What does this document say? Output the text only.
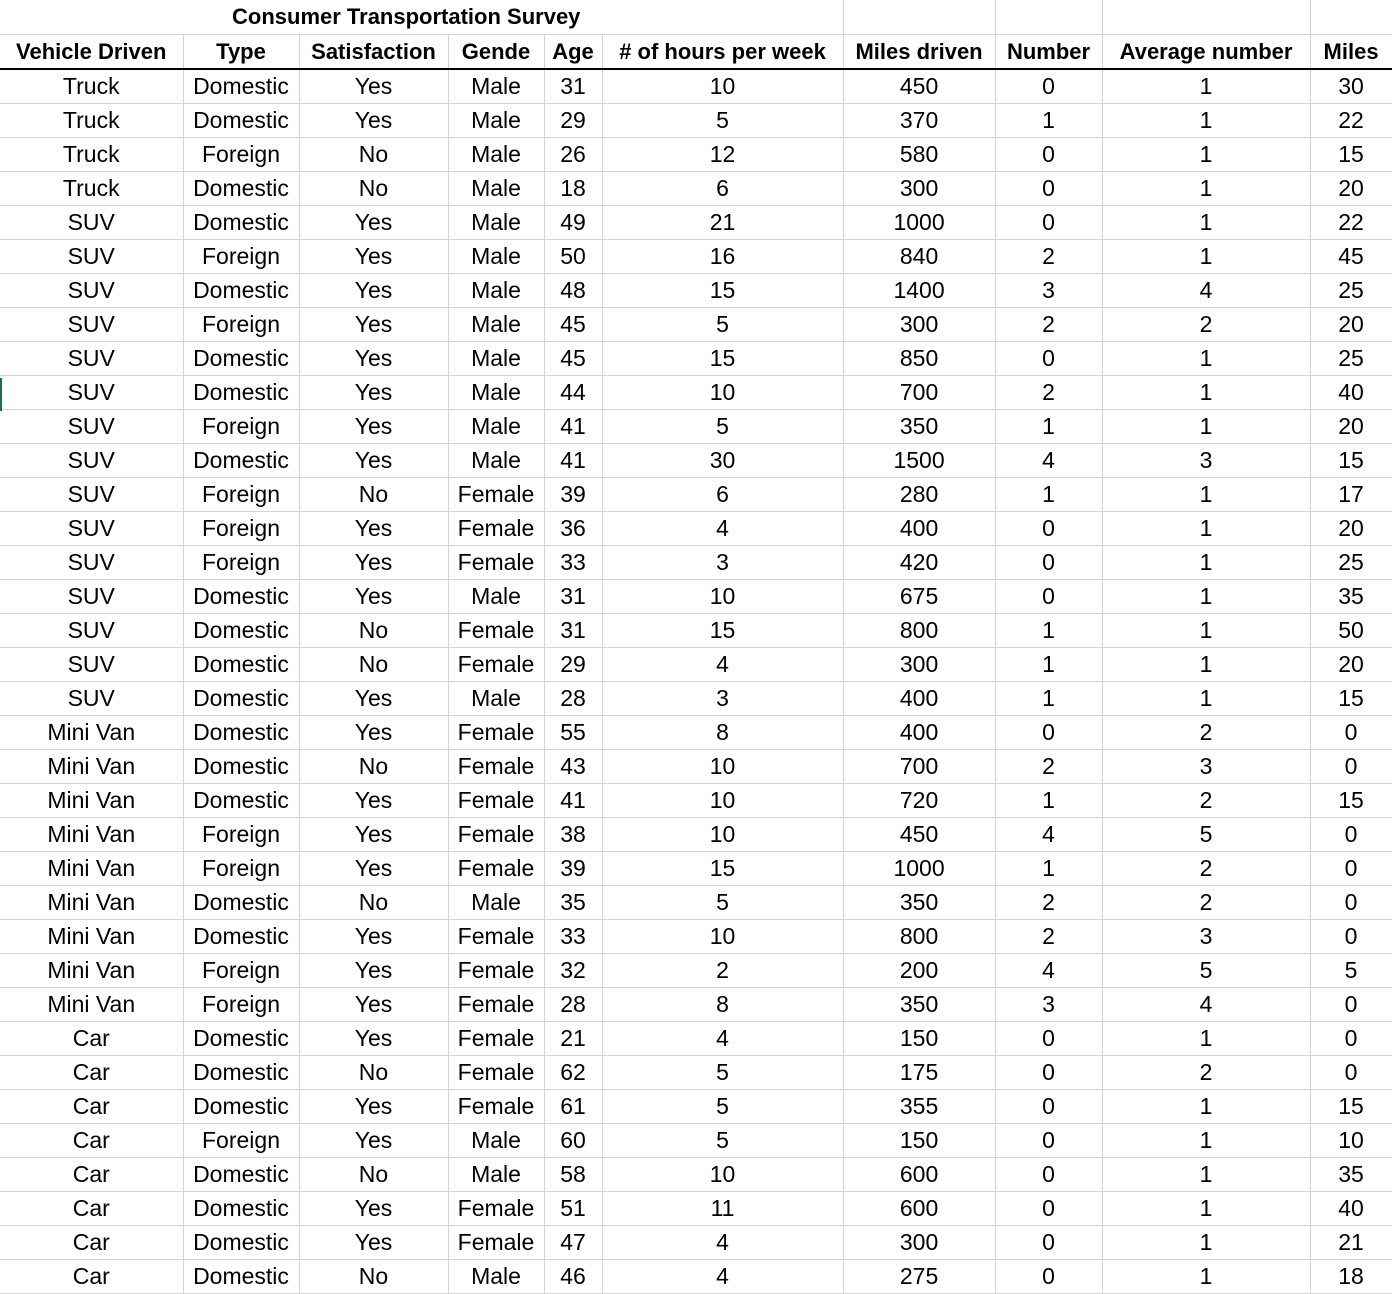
Consumer Transportation Survey									
Vehicle Driven	Type	Satisfaction	Gende	Age	# of hours per week	Miles driven	Number	Average number	Miles
Truck	Domestic	Yes	Male	31	10	450	0	1	30
Truck	Domestic	Yes	Male	29	5	370	1	1	22
Truck	Foreign	No	Male	26	12	580	0	1	15
Truck	Domestic	No	Male	18	6	300	0	1	20
SUV	Domestic	Yes	Male	49	21	1000	0	1	22
SUV	Foreign	Yes	Male	50	16	840	2	1	45
SUV	Domestic	Yes	Male	48	15	1400	3	4	25
SUV	Foreign	Yes	Male	45	5	300	2	2	20
SUV	Domestic	Yes	Male	45	15	850	0	1	25
SUV	Domestic	Yes	Male	44	10	700	2	1	40
SUV	Foreign	Yes	Male	41	5	350	1	1	20
SUV	Domestic	Yes	Male	41	30	1500	4	3	15
SUV	Foreign	No	Female	39	6	280	1	1	17
SUV	Foreign	Yes	Female	36	4	400	0	1	20
SUV	Foreign	Yes	Female	33	3	420	0	1	25
SUV	Domestic	Yes	Male	31	10	675	0	1	35
SUV	Domestic	No	Female	31	15	800	1	1	50
SUV	Domestic	No	Female	29	4	300	1	1	20
SUV	Domestic	Yes	Male	28	3	400	1	1	15
Mini Van	Domestic	Yes	Female	55	8	400	0	2	0
Mini Van	Domestic	No	Female	43	10	700	2	3	0
Mini Van	Domestic	Yes	Female	41	10	720	1	2	15
Mini Van	Foreign	Yes	Female	38	10	450	4	5	0
Mini Van	Foreign	Yes	Female	39	15	1000	1	2	0
Mini Van	Domestic	No	Male	35	5	350	2	2	0
Mini Van	Domestic	Yes	Female	33	10	800	2	3	0
Mini Van	Foreign	Yes	Female	32	2	200	4	5	5
Mini Van	Foreign	Yes	Female	28	8	350	3	4	0
Car	Domestic	Yes	Female	21	4	150	0	1	0
Car	Domestic	No	Female	62	5	175	0	2	0
Car	Domestic	Yes	Female	61	5	355	0	1	15
Car	Foreign	Yes	Male	60	5	150	0	1	10
Car	Domestic	No	Male	58	10	600	0	1	35
Car	Domestic	Yes	Female	51	11	600	0	1	40
Car	Domestic	Yes	Female	47	4	300	0	1	21
Car	Domestic	No	Male	46	4	275	0	1	18
